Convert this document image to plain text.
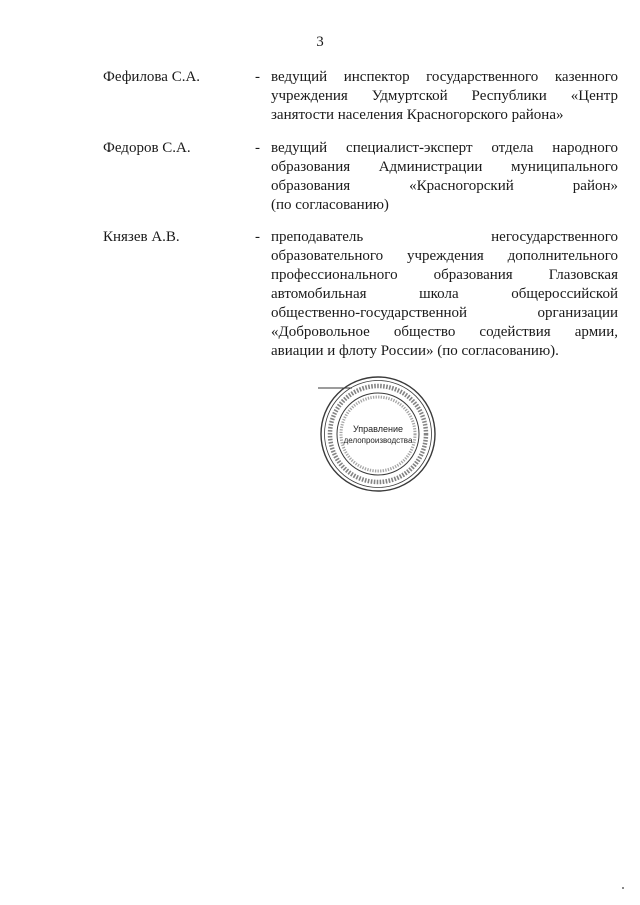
3
Фефилова С.А.	- ведущий инспектор государственного казенного
учреждения Удмуртской Республики «Центр
занятости населения Красногорского района»
Федоров С.А.	- ведущий специалист-эксперт отдела народного
образования Администрации муниципального
образования «Красногорский район»
(по согласованию)
Князев А.В.	- преподаватель негосударственного
образовательного учреждения дополнительного
профессионального образования Глазовская
автомобильная школа общероссийской
общественно-государственной организации
«Добровольное общество содействия армии,
авиации и флоту России» (по согласованию).
Управление
делопроизводства
